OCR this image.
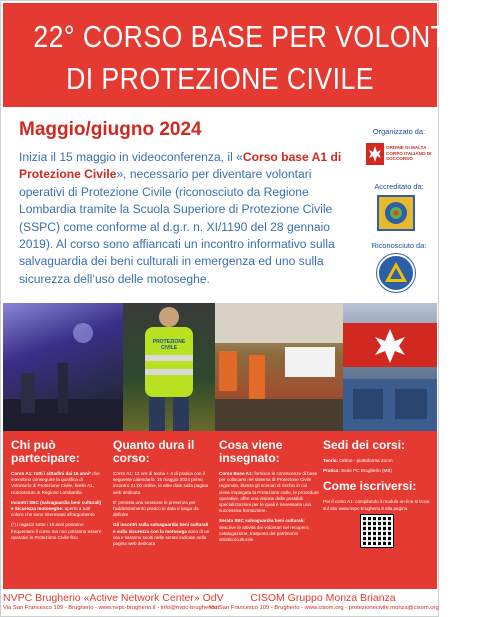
22° CORSO BASE PER VOLONTARI
DI PROTEZIONE CIVILE
Maggio/giugno 2024
Inizia il 15 maggio in videoconferenza, il «Corso base A1 di Protezione Civile», necessario per diventare volontari operativi di Protezione Civile (riconosciuto da Regione Lombardia tramite la Scuola Superiore di Protezione Civile (SSPC) come conforme al d.g.r. n. XI/1190 del 28 gennaio 2019). Al corso sono affiancati un incontro informativo sulla salvaguardia dei beni culturali in emergenza ed uno sulla sicurezza dell’uso delle motoseghe.
Organizzato da:
ORDINE DI MALTA
CORPO ITALIANO DI SOCCORSO
Accreditato da:
Riconosciuto da:
PROTEZIONE CIVILE
Chi può partecipare:

Corso A1: tutti i cittadini dai 16 anni* che intendono conseguire la qualifica di Volontario di Protezione Civile, livello A1, riconosciuto in Regione Lombardia.

Incontri SBC (salvaguardia beni culturali) e Sicurezza motoseghe: aperto a tutti coloro che sono interessati all’argomento

(*) i ragazzi sotto i 18 anni potranno frequentare il corso ma non potranno essere operativi in Protezione Civile fino

Quanto dura il corso:

Corso A1: 12 ore di teoria + 4 di pratica con il seguente calendario: 15 maggio 2024 primo incontro 21:00 online, le altre date sulla pagina web dedicata

E’ prevista una sessione in presenza per l’addestramento pratico in data e luogo da definire

Gli incontri sulla salvaguardia beni culturali e sulla sicurezza con la motosega sono di un ora e saranno svolti nelle serate indicate nella pagina web dedicata

Cosa viene insegnato:

Corso Base A1: fornisce le conoscenze di base per collocarsi nel sistema di Protezione Civile regionale, illustra gli scenari di rischio in cui viene impiegata la Protezione civile, le procedure operative, offre una visione delle possibili specializzazioni per le quali è necessaria una successiva formazione.

Serata SBC salvaguardia beni culturali: descrive le attività dei volontari nel recupero, catalogazione, trasporto del patrimonio artistico/culturale

Sedi dei corsi:

Teoria: Online - piattaforma Zoom

Pratica: Sede PC Brugherio (MB)

Come iscriversi:

Per il corso A1: compilando il modulo on-line si trova sul sito www.nvpc-brugherio.it alla pagina

NVPC Brugherio «Active Network Center» OdV
Via San Francesco 109 - Brugherio - www.nvpc-brugherio.it - info@nvpc-brugherio.it
CISOM Gruppo Monza Brianza
Via San Francesco 109 - Brugherio - www.cisom.org - protezionecivile.monza@cisom.org
